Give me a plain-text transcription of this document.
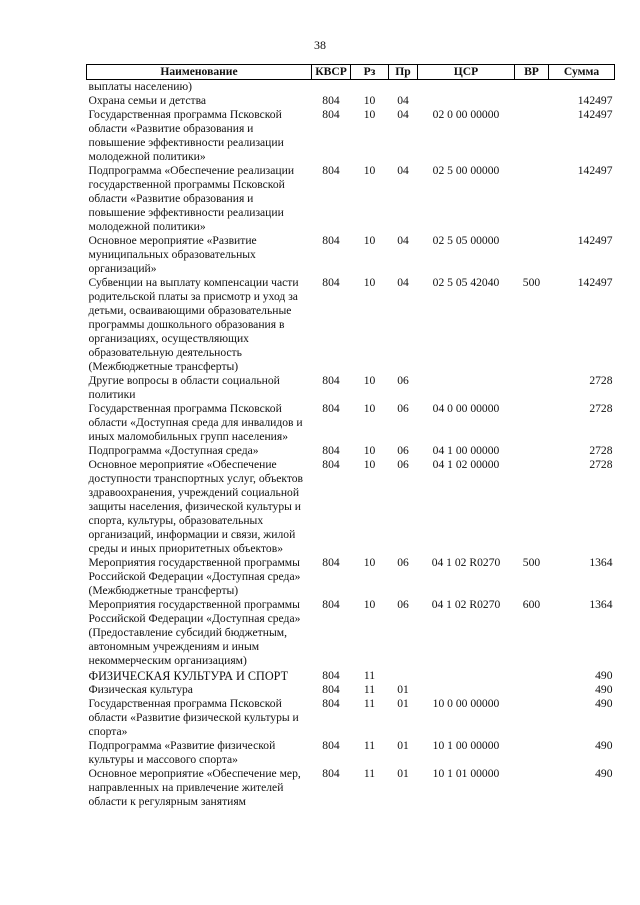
38
Наименование	КВСР	Рз	Пр	ЦСР	ВР	Сумма
выплаты населению)						
Охрана семьи и детства	804	10	04			142497
Государственная программа Псковской области «Развитие образования и повышение эффективности реализации молодежной политики»	804	10	04	02 0 00 00000		142497
Подпрограмма «Обеспечение реализации государственной программы Псковской области «Развитие образования и повышение эффективности реализации молодежной политики»	804	10	04	02 5 00 00000		142497
Основное мероприятие «Развитие муниципальных образовательных организаций»	804	10	04	02 5 05 00000		142497
Субвенции на выплату компенсации части родительской платы за присмотр и уход за детьми, осваивающими образовательные программы дошкольного образования в организациях, осуществляющих образовательную деятельность (Межбюджетные трансферты)	804	10	04	02 5 05 42040	500	142497
Другие вопросы в области социальной политики	804	10	06			2728
Государственная программа Псковской области «Доступная среда для инвалидов и иных маломобильных групп населения»	804	10	06	04 0 00 00000		2728
Подпрограмма «Доступная среда»	804	10	06	04 1 00 00000		2728
Основное мероприятие «Обеспечение доступности транспортных услуг, объектов здравоохранения, учреждений социальной защиты населения, физической культуры и спорта, культуры, образовательных организаций, информации и связи, жилой среды и иных приоритетных объектов»	804	10	06	04 1 02 00000		2728
Мероприятия государственной программы Российской Федерации «Доступная среда» (Межбюджетные трансферты)	804	10	06	04 1 02 R0270	500	1364
Мероприятия государственной программы Российской Федерации «Доступная среда» (Предоставление субсидий бюджетным, автономным учреждениям и иным некоммерческим организациям)	804	10	06	04 1 02 R0270	600	1364
ФИЗИЧЕСКАЯ КУЛЬТУРА И СПОРТ	804	11				490
Физическая культура	804	11	01			490
Государственная программа Псковской области «Развитие физической культуры и спорта»	804	11	01	10 0 00 00000		490
Подпрограмма «Развитие физической культуры и массового спорта»	804	11	01	10 1 00 00000		490
Основное мероприятие «Обеспечение мер, направленных на привлечение жителей области к регулярным занятиям	804	11	01	10 1 01 00000		490
